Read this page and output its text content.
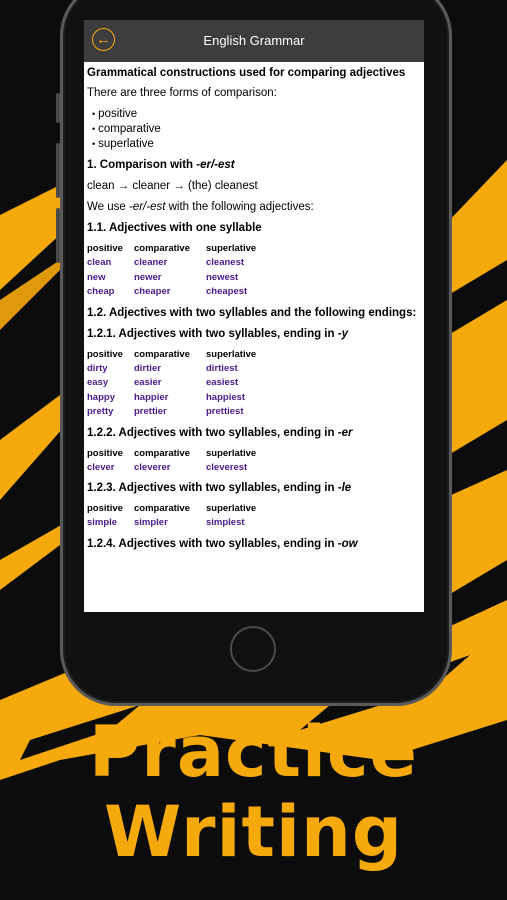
←	English Grammar
Grammatical constructions used for comparing adjectives
There are three forms of comparison:
• positive
• comparative
• superlative
1. Comparison with -er/-est
clean → cleaner → (the) cleanest
We use -er/-est with the following adjectives:
1.1. Adjectives with one syllable
positive	comparative	superlative
clean	cleaner	cleanest
new	newer	newest
cheap	cheaper	cheapest
1.2. Adjectives with two syllables and the following endings:
1.2.1. Adjectives with two syllables, ending in -y
positive	comparative	superlative
dirty	dirtier	dirtiest
easy	easier	easiest
happy	happier	happiest
pretty	prettier	prettiest
1.2.2. Adjectives with two syllables, ending in -er
positive	comparative	superlative
clever	cleverer	cleverest
1.2.3. Adjectives with two syllables, ending in -le
positive	comparative	superlative
simple	simpler	simplest
1.2.4. Adjectives with two syllables, ending in -ow
Practice
Writing
